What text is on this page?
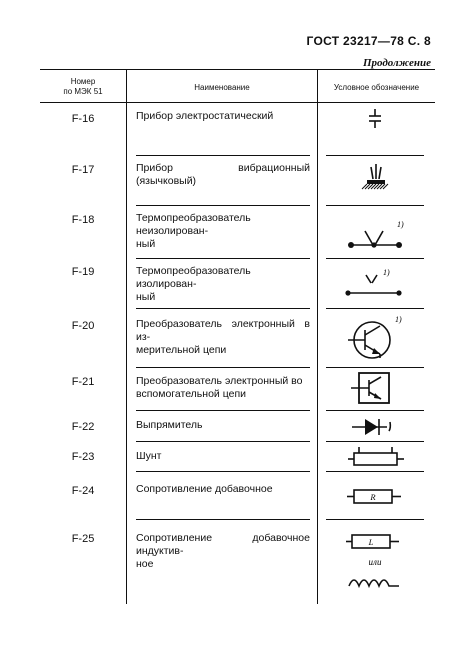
ГОСТ 23217—78 С. 8
Продолжение
Номер
по МЭК 51	Наименование	Условное обозначение
F-16	Прибор электростатический
F-17	Прибор вибрационный (язычковый)
F-18	Термопреобразователь неизолирован-
ный
1)
F-19	Термопреобразователь изолирован-
ный
1)
F-20	Преобразователь электронный в из-
мерительной цепи
1)
F-21	Преобразователь электронный во
вспомогательной цепи
F-22	Выпрямитель
F-23	Шунт
F-24	Сопротивление добавочное
R
F-25	Сопротивление добавочное индуктив-
ное
L
или
